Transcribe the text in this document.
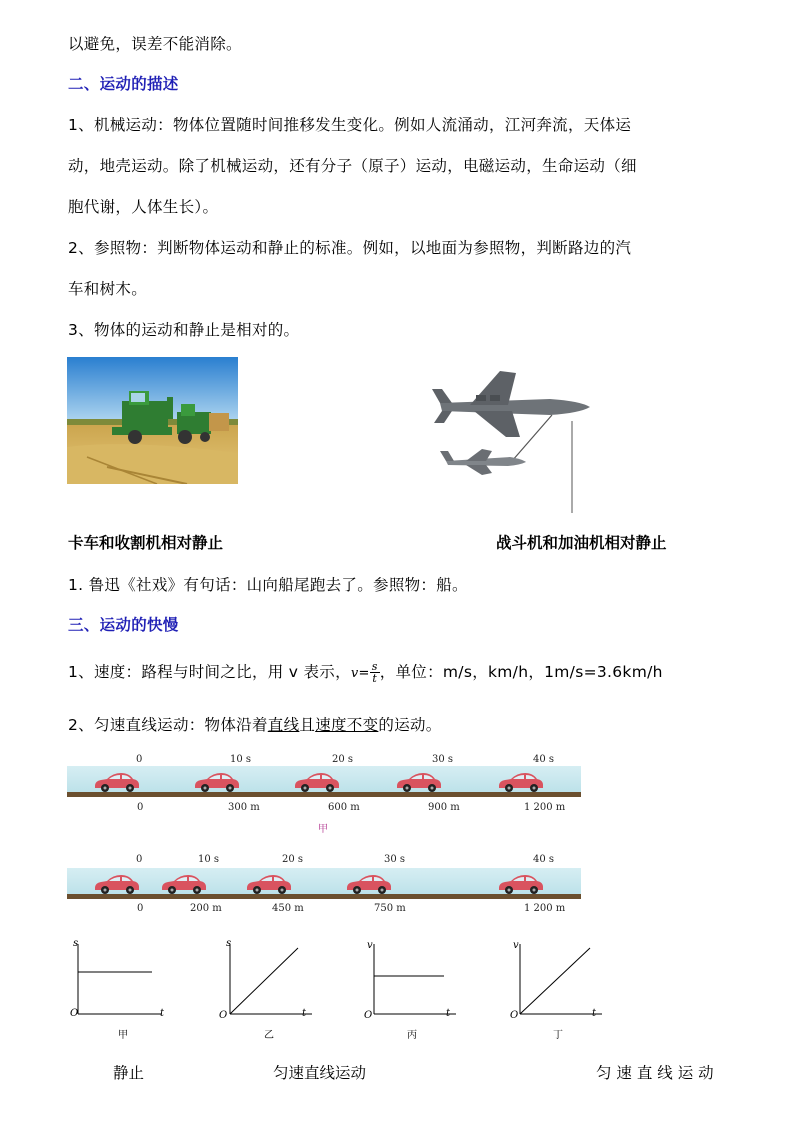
以避免，误差不能消除。
二、运动的描述
1、机械运动：物体位置随时间推移发生变化。例如人流涌动，江河奔流，天体运
动，地壳运动。除了机械运动，还有分子（原子）运动，电磁运动，生命运动（细
胞代谢，人体生长）。
2、参照物：判断物体运动和静止的标准。例如，以地面为参照物，判断路边的汽
车和树木。
3、物体的运动和静止是相对的。
卡车和收割机相对静止	战斗机和加油机相对静止
1. 鲁迅《社戏》有句话：山向船尾跑去了。参照物：船。
三、运动的快慢
1、速度：路程与时间之比，用 v 表示，$v= \frac{s}{t}$ ，单位：m/s，km/h，1m/s=3.6km/h
2、匀速直线运动：物体沿着直线且速度不变的运动。
0	10 s	20 s	30 s	40 s
0	300 m	600 m	900 m	1 200 m
甲
0	10 s	20 s	30 s	40 s
0	200 m	450 m	750 m	1 200 m
s
t
O
甲
s
t
O
乙
v
t
O
丙
v
t
O
丁
静止	匀速直线运动	匀 速 直 线 运 动
